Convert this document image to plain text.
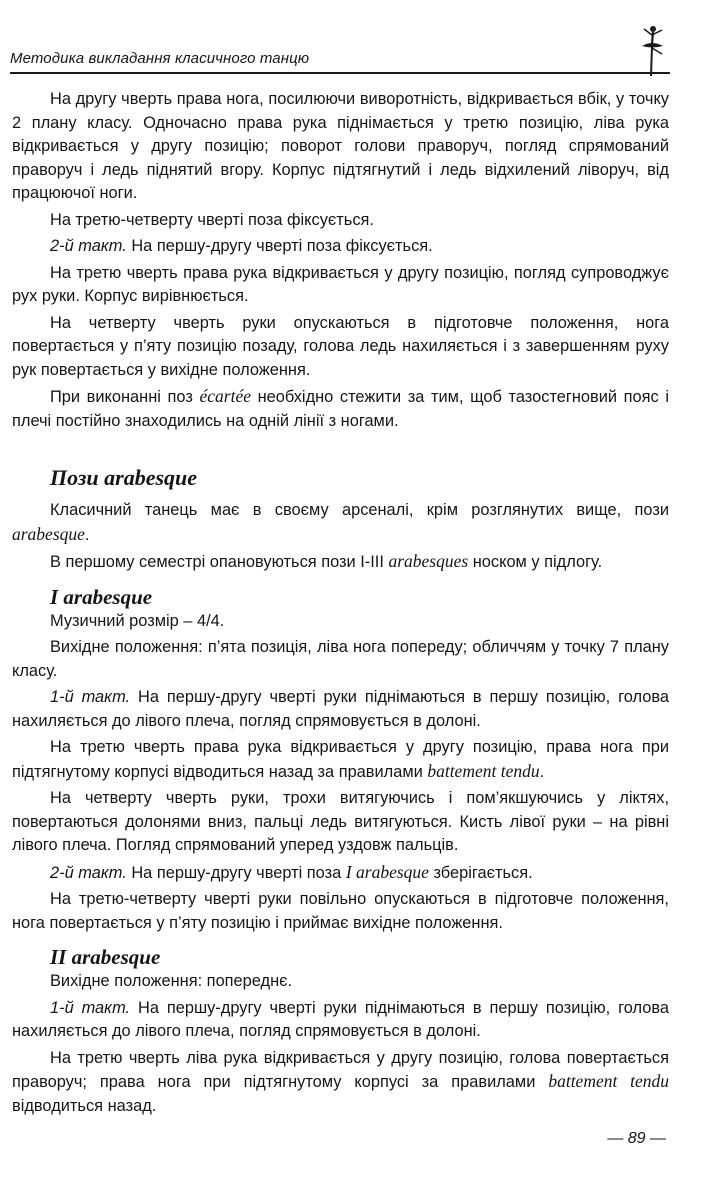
Методика викладання класичного танцю

На другу чверть права нога, посилюючи виворотність, відкривається вбік, у точку 2 плану класу. Одночасно права рука піднімається у третю позицію, ліва рука відкривається у другу позицію; поворот голови праворуч, погляд спрямований праворуч і ледь піднятий вгору. Корпус підтягнутий і ледь відхилений ліворуч, від працюючої ноги.

На третю-четверту чверті поза фіксується.

2-й такт. На першу-другу чверті поза фіксується.

На третю чверть права рука відкривається у другу позицію, погляд супроводжує рух руки. Корпус вирівнюється.

На четверту чверть руки опускаються в підготовче положення, нога повертається у п’яту позицію позаду, голова ледь нахиляється і з завершенням руху рук повертається у вихідне положення.

При виконанні поз écartée необхідно стежити за тим, щоб тазостегновий пояс і плечі постійно знаходились на одній лінії з ногами.

Пози arabesque

Класичний танець має в своєму арсеналі, крім розглянутих вище, пози arabesque.

В першому семестрі опановуються пози І-ІІІ arabesques носком у підлогу.

I arabesque

Музичний розмір – 4/4.

Вихідне положення: п’ята позиція, ліва нога попереду; обличчям у точку 7 плану класу.

1-й такт. На першу-другу чверті руки піднімаються в першу позицію, голова нахиляється до лівого плеча, погляд спрямовується в долоні.

На третю чверть права рука відкривається у другу позицію, права нога при підтягнутому корпусі відводиться назад за правилами battement tendu.

На четверту чверть руки, трохи витягуючись і пом’якшуючись у ліктях, повертаються долонями вниз, пальці ледь витягуються. Кисть лівої руки – на рівні лівого плеча. Погляд спрямований уперед уздовж пальців.

2-й такт. На першу-другу чверті поза I arabesque зберігається.

На третю-четверту чверті руки повільно опускаються в підготовче положення, нога повертається у п’яту позицію і приймає вихідне положення.

II arabesque

Вихідне положення: попереднє.

1-й такт. На першу-другу чверті руки піднімаються в першу позицію, голова нахиляється до лівого плеча, погляд спрямовується в долоні.

На третю чверть ліва рука відкривається у другу позицію, голова повертається праворуч; права нога при підтягнутому корпусі за правилами battement tendu відводиться назад.

— 89 —
